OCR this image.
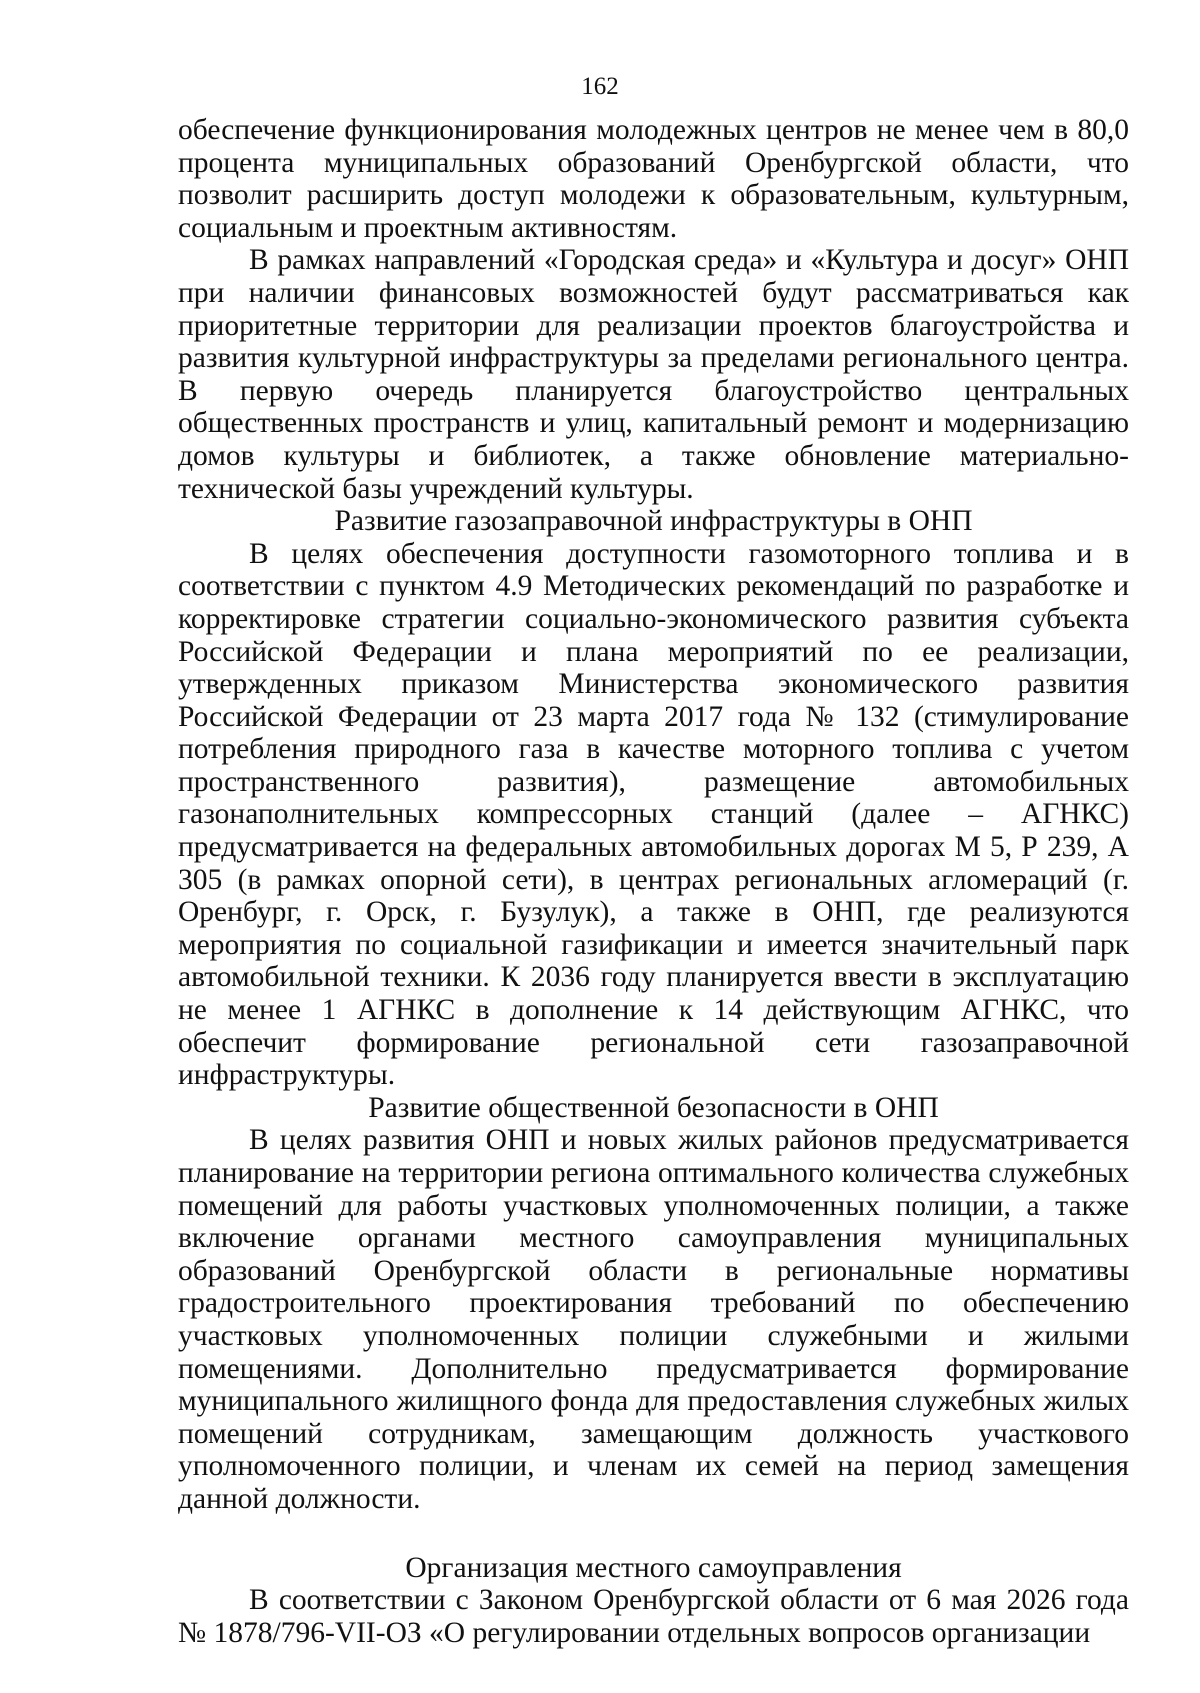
162

обеспечение функционирования молодежных центров не менее чем в 80,0 процента муниципальных образований Оренбургской области, что позволит расширить доступ молодежи к образовательным, культурным, социальным и проектным активностям.

В рамках направлений «Городская среда» и «Культура и досуг» ОНП при наличии финансовых возможностей будут рассматриваться как приоритетные территории для реализации проектов благоустройства и развития культурной инфраструктуры за пределами регионального центра. В первую очередь планируется благоустройство центральных общественных пространств и улиц, капитальный ремонт и модернизацию домов культуры и библиотек, а также обновление материально-технической базы учреждений культуры.

Развитие газозаправочной инфраструктуры в ОНП

В целях обеспечения доступности газомоторного топлива и в соответствии с пунктом 4.9 Методических рекомендаций по разработке и корректировке стратегии социально-экономического развития субъекта Российской Федерации и плана мероприятий по ее реализации, утвержденных приказом Министерства экономического развития Российской Федерации от 23 марта 2017 года № 132 (стимулирование потребления природного газа в качестве моторного топлива с учетом пространственного развития), размещение автомобильных газонаполнительных компрессорных станций (далее – АГНКС) предусматривается на федеральных автомобильных дорогах М 5, Р 239, А 305 (в рамках опорной сети), в центрах региональных агломераций (г. Оренбург, г. Орск, г. Бузулук), а также в ОНП, где реализуются мероприятия по социальной газификации и имеется значительный парк автомобильной техники. К 2036 году планируется ввести в эксплуатацию не менее 1 АГНКС в дополнение к 14 действующим АГНКС, что обеспечит формирование региональной сети газозаправочной инфраструктуры.

Развитие общественной безопасности в ОНП

В целях развития ОНП и новых жилых районов предусматривается планирование на территории региона оптимального количества служебных помещений для работы участковых уполномоченных полиции, а также включение органами местного самоуправления муниципальных образований Оренбургской области в региональные нормативы градостроительного проектирования требований по обеспечению участковых уполномоченных полиции служебными и жилыми помещениями. Дополнительно предусматривается формирование муниципального жилищного фонда для предоставления служебных жилых помещений сотрудникам, замещающим должность участкового уполномоченного полиции, и членам их семей на период замещения данной должности.

Организация местного самоуправления

В соответствии с Законом Оренбургской области от 6 мая 2026 года № 1878/796-VII-ОЗ «О регулировании отдельных вопросов организации
